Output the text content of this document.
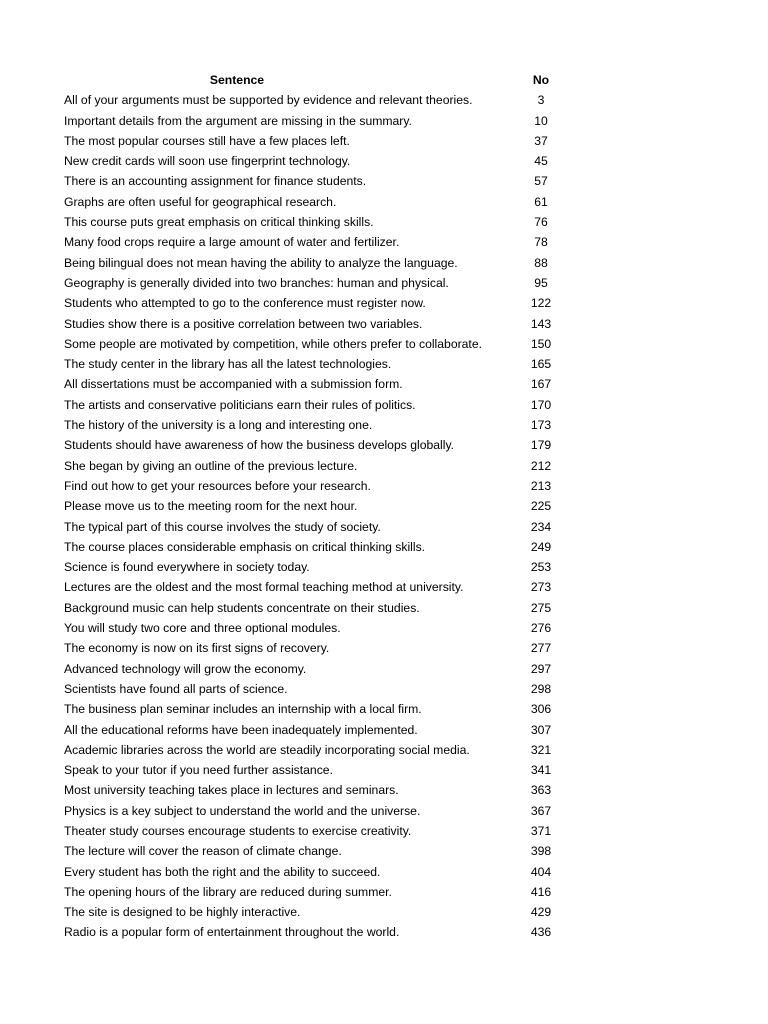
Sentence	No
All of your arguments must be supported by evidence and relevant theories.	3
Important details from the argument are missing in the summary.	10
The most popular courses still have a few places left.	37
New credit cards will soon use fingerprint technology.	45
There is an accounting assignment for finance students.	57
Graphs are often useful for geographical research.	61
This course puts great emphasis on critical thinking skills.	76
Many food crops require a large amount of water and fertilizer.	78
Being bilingual does not mean having the ability to analyze the language.	88
Geography is generally divided into two branches: human and physical.	95
Students who attempted to go to the conference must register now.	122
Studies show there is a positive correlation between two variables.	143
Some people are motivated by competition, while others prefer to collaborate.	150
The study center in the library has all the latest technologies.	165
All dissertations must be accompanied with a submission form.	167
The artists and conservative politicians earn their rules of politics.	170
The history of the university is a long and interesting one.	173
Students should have awareness of how the business develops globally.	179
She began by giving an outline of the previous lecture.	212
Find out how to get your resources before your research.	213
Please move us to the meeting room for the next hour.	225
The typical part of this course involves the study of society.	234
The course places considerable emphasis on critical thinking skills.	249
Science is found everywhere in society today.	253
Lectures are the oldest and the most formal teaching method at university.	273
Background music can help students concentrate on their studies.	275
You will study two core and three optional modules.	276
The economy is now on its first signs of recovery.	277
Advanced technology will grow the economy.	297
Scientists have found all parts of science.	298
The business plan seminar includes an internship with a local firm.	306
All the educational reforms have been inadequately implemented.	307
Academic libraries across the world are steadily incorporating social media.	321
Speak to your tutor if you need further assistance.	341
Most university teaching takes place in lectures and seminars.	363
Physics is a key subject to understand the world and the universe.	367
Theater study courses encourage students to exercise creativity.	371
The lecture will cover the reason of climate change.	398
Every student has both the right and the ability to succeed.	404
The opening hours of the library are reduced during summer.	416
The site is designed to be highly interactive.	429
Radio is a popular form of entertainment throughout the world.	436
